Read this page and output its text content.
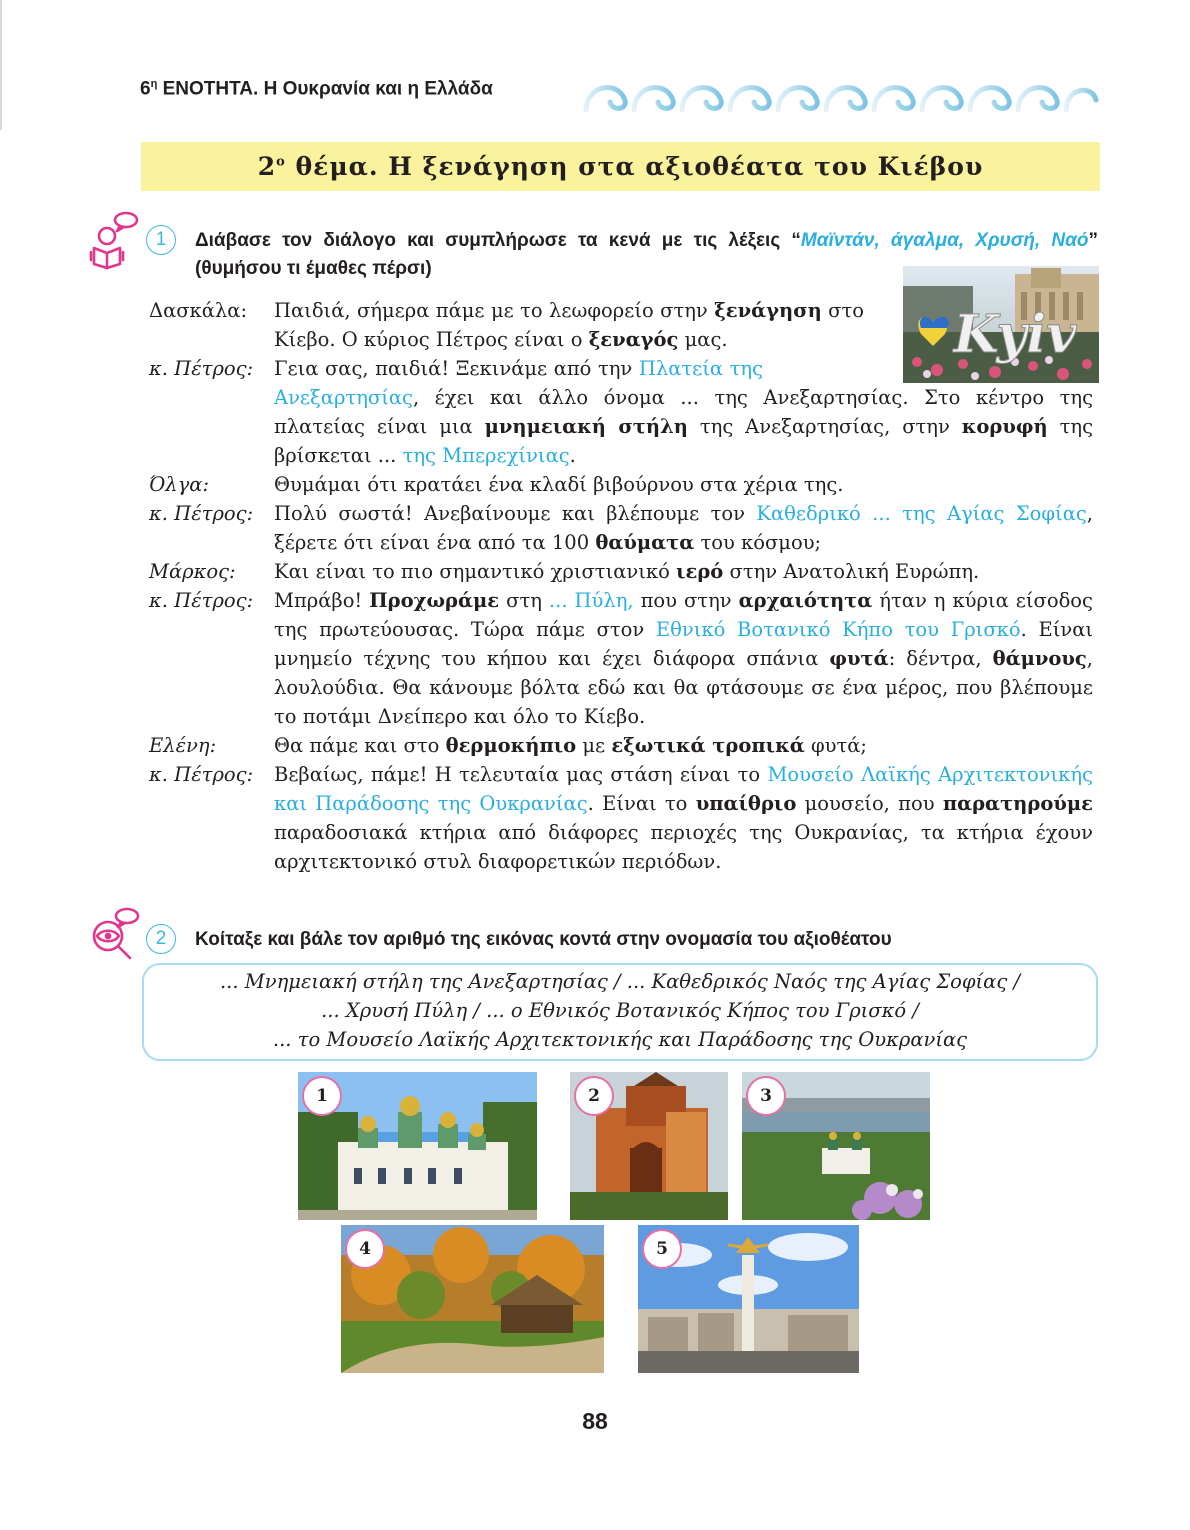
$6^\eta$ ΕΝΟΤΗΤΑ. Η Ουκρανία και η Ελλάδα
$2^o$ θέμα. Η ξενάγηση στα αξιοθέατα του Κιέβου
1	Διάβασε τον διάλογο και συμπλήρωσε τα κενά με τις λέξεις “Μαϊντάν, άγαλμα, Χρυσή, Ναό” (θυμήσου τι έμαθες πέρσι)
Kyiv
Δασκάλα:	Παιδιά, σήμερα πάμε με το λεωφορείο στην ξενάγηση στο Κίεβο. Ο κύριος Πέτρος είναι ο ξεναγός μας.
κ. Πέτρος:	Γεια σας, παιδιά! Ξεκινάμε από την Πλατεία της Ανεξαρτησίας, έχει και άλλο όνομα ... της Ανεξαρτησίας. Στο κέντρο της πλατείας είναι μια μνημειακή στήλη της Ανεξαρτησίας, στην κορυφή της βρίσκεται ... της Μπερεχίνιας.
Όλγα:	Θυμάμαι ότι κρατάει ένα κλαδί βιβούρνου στα χέρια της.
κ. Πέτρος:	Πολύ σωστά! Ανεβαίνουμε και βλέπουμε τον Καθεδρικό ... της Αγίας Σοφίας, ξέρετε ότι είναι ένα από τα 100 θαύματα του κόσμου;
Μάρκος:	Και είναι το πιο σημαντικό χριστιανικό ιερό στην Ανατολική Ευρώπη.
κ. Πέτρος:	Μπράβο! Προχωράμε στη ... Πύλη, που στην αρχαιότητα ήταν η κύρια είσοδος της πρωτεύουσας. Τώρα πάμε στον Εθνικό Βοτανικό Κήπο του Γρισκό. Είναι μνημείο τέχνης του κήπου και έχει διάφορα σπάνια φυτά: δέντρα, θάμνους, λουλούδια. Θα κάνουμε βόλτα εδώ και θα φτάσουμε σε ένα μέρος, που βλέπουμε το ποτάμι Δνείπερο και όλο το Κίεβο.
Ελένη:	Θα πάμε και στο θερμοκήπιο με εξωτικά τροπικά φυτά;
κ. Πέτρος:	Βεβαίως, πάμε! Η τελευταία μας στάση είναι το Μουσείο Λαϊκής Αρχιτεκτονικής και Παράδοσης της Ουκρανίας. Είναι το υπαίθριο μουσείο, που παρατηρούμε παραδοσιακά κτήρια από διάφορες περιοχές της Ουκρανίας, τα κτήρια έχουν αρχιτεκτονικό στυλ διαφορετικών περιόδων.
2	Κοίταξε και βάλε τον αριθμό της εικόνας κοντά στην ονομασία του αξιοθέατου
... Μνημειακή στήλη της Ανεξαρτησίας / ... Καθεδρικός Ναός της Αγίας Σοφίας /
... Χρυσή Πύλη / ... ο Εθνικός Βοτανικός Κήπος του Γρισκό /
... το Μουσείο Λαϊκής Αρχιτεκτονικής και Παράδοσης της Ουκρανίας
1	2	3
4	5
88
